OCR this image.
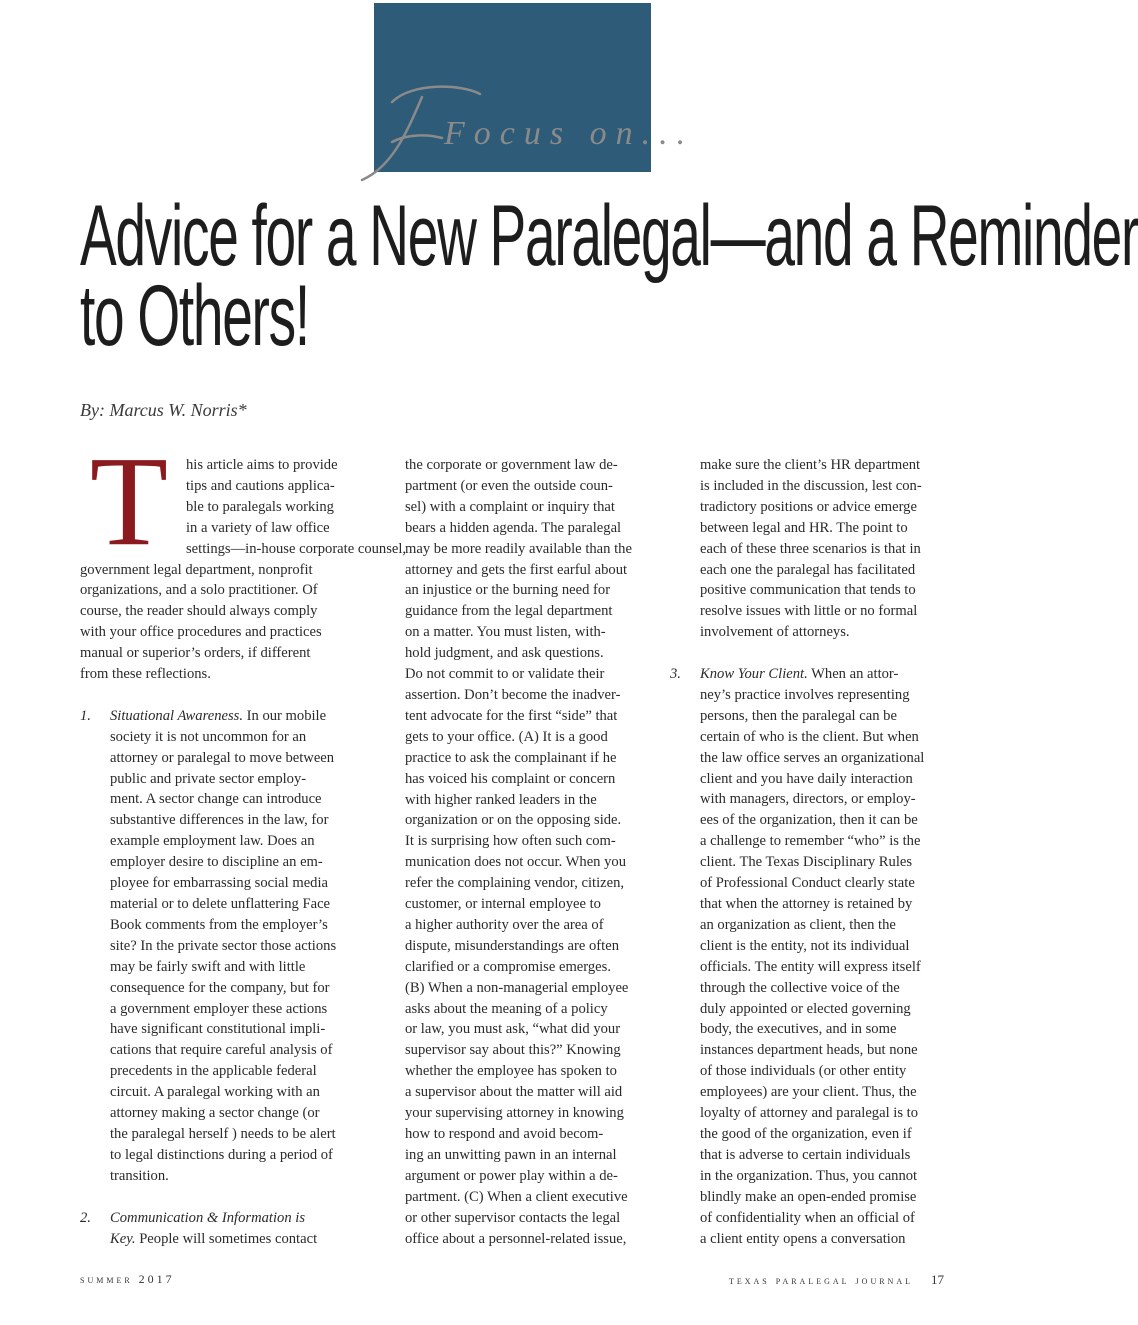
Focus on...
Advice for a New Paralegal—and a Reminder
to Others!

By: Marcus W. Norris*

T	his article aims to provide
tips and cautions applica-
ble to paralegals working
in a variety of law office
settings—in-house corporate counsel,
government legal department, nonprofit
organizations, and a solo practitioner. Of
course, the reader should always comply
with your office procedures and practices
manual or superior’s orders, if different
from these reflections.

1. Situational Awareness. In our mobile
society it is not uncommon for an
attorney or paralegal to move between
public and private sector employ-
ment. A sector change can introduce
substantive differences in the law, for
example employment law. Does an
employer desire to discipline an em-
ployee for embarrassing social media
material or to delete unflattering Face
Book comments from the employer’s
site? In the private sector those actions
may be fairly swift and with little
consequence for the company, but for
a government employer these actions
have significant constitutional impli-
cations that require careful analysis of
precedents in the applicable federal
circuit. A paralegal working with an
attorney making a sector change (or
the paralegal herself ) needs to be alert
to legal distinctions during a period of
transition.

2. Communication & Information is
Key. People will sometimes contact

the corporate or government law de-
partment (or even the outside coun-
sel) with a complaint or inquiry that
bears a hidden agenda. The paralegal
may be more readily available than the
attorney and gets the first earful about
an injustice or the burning need for
guidance from the legal department
on a matter. You must listen, with-
hold judgment, and ask questions.
Do not commit to or validate their
assertion. Don’t become the inadver-
tent advocate for the first “side” that
gets to your office. (A) It is a good
practice to ask the complainant if he
has voiced his complaint or concern
with higher ranked leaders in the
organization or on the opposing side.
It is surprising how often such com-
munication does not occur. When you
refer the complaining vendor, citizen,
customer, or internal employee to
a higher authority over the area of
dispute, misunderstandings are often
clarified or a compromise emerges.
(B) When a non-managerial employee
asks about the meaning of a policy
or law, you must ask, “what did your
supervisor say about this?” Knowing
whether the employee has spoken to
a supervisor about the matter will aid
your supervising attorney in knowing
how to respond and avoid becom-
ing an unwitting pawn in an internal
argument or power play within a de-
partment. (C) When a client executive
or other supervisor contacts the legal
office about a personnel-related issue,

make sure the client’s HR department
is included in the discussion, lest con-
tradictory positions or advice emerge
between legal and HR. The point to
each of these three scenarios is that in
each one the paralegal has facilitated
positive communication that tends to
resolve issues with little or no formal
involvement of attorneys.

3. Know Your Client. When an attor-
ney’s practice involves representing
persons, then the paralegal can be
certain of who is the client. But when
the law office serves an organizational
client and you have daily interaction
with managers, directors, or employ-
ees of the organization, then it can be
a challenge to remember “who” is the
client. The Texas Disciplinary Rules
of Professional Conduct clearly state
that when the attorney is retained by
an organization as client, then the
client is the entity, not its individual
officials. The entity will express itself
through the collective voice of the
duly appointed or elected governing
body, the executives, and in some
instances department heads, but none
of those individuals (or other entity
employees) are your client. Thus, the
loyalty of attorney and paralegal is to
the good of the organization, even if
that is adverse to certain individuals
in the organization. Thus, you cannot
blindly make an open-ended promise
of confidentiality when an official of
a client entity opens a conversation

summer 2017	texas paralegal journal 17
